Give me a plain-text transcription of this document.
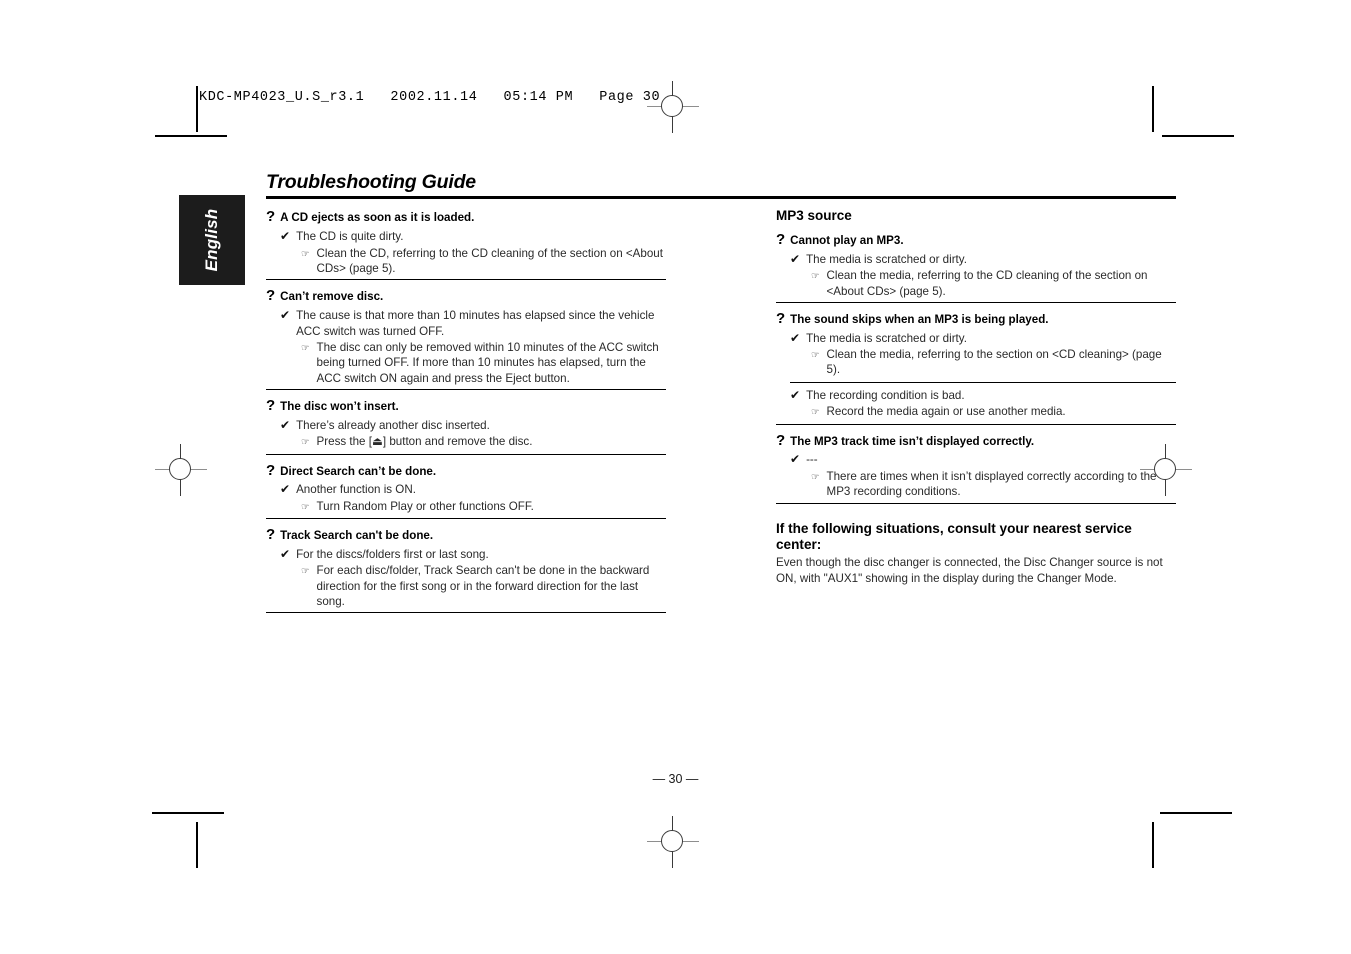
KDC-MP4023_U.S_r3.1   2002.11.14   05:14 PM   Page 30
English
Troubleshooting Guide
? A CD ejects as soon as it is loaded.
✔ The CD is quite dirty.
☞ Clean the CD, referring to the CD cleaning of the section on <About CDs> (page 5).
? Can’t remove disc.
✔ The cause is that more than 10 minutes has elapsed since the vehicle ACC switch was turned OFF.
☞ The disc can only be removed within 10 minutes of the ACC switch being turned OFF. If more than 10 minutes has elapsed, turn the ACC switch ON again and press the Eject button.
? The disc won’t insert.
✔ There’s already another disc inserted.
☞ Press the [⏏] button and remove the disc.
? Direct Search can’t be done.
✔ Another function is ON.
☞ Turn Random Play or other functions OFF.
? Track Search can't be done.
✔ For the discs/folders first or last song.
☞ For each disc/folder, Track Search can't be done in the backward direction for the first song or in the forward direction for the last song.
MP3 source
? Cannot play an MP3.
✔ The media is scratched or dirty.
☞ Clean the media, referring to the CD cleaning of the section on <About CDs> (page 5).
? The sound skips when an MP3 is being played.
✔ The media is scratched or dirty.
☞ Clean the media, referring to the section on <CD cleaning> (page 5).
✔ The recording condition is bad.
☞ Record the media again or use another media.
? The MP3 track time isn’t displayed correctly.
✔ ---
☞ There are times when it isn’t displayed correctly according to the MP3 recording conditions.
If the following situations, consult your nearest service center:
Even though the disc changer is connected, the Disc Changer source is not ON, with "AUX1" showing in the display during the Changer Mode.
— 30 —
